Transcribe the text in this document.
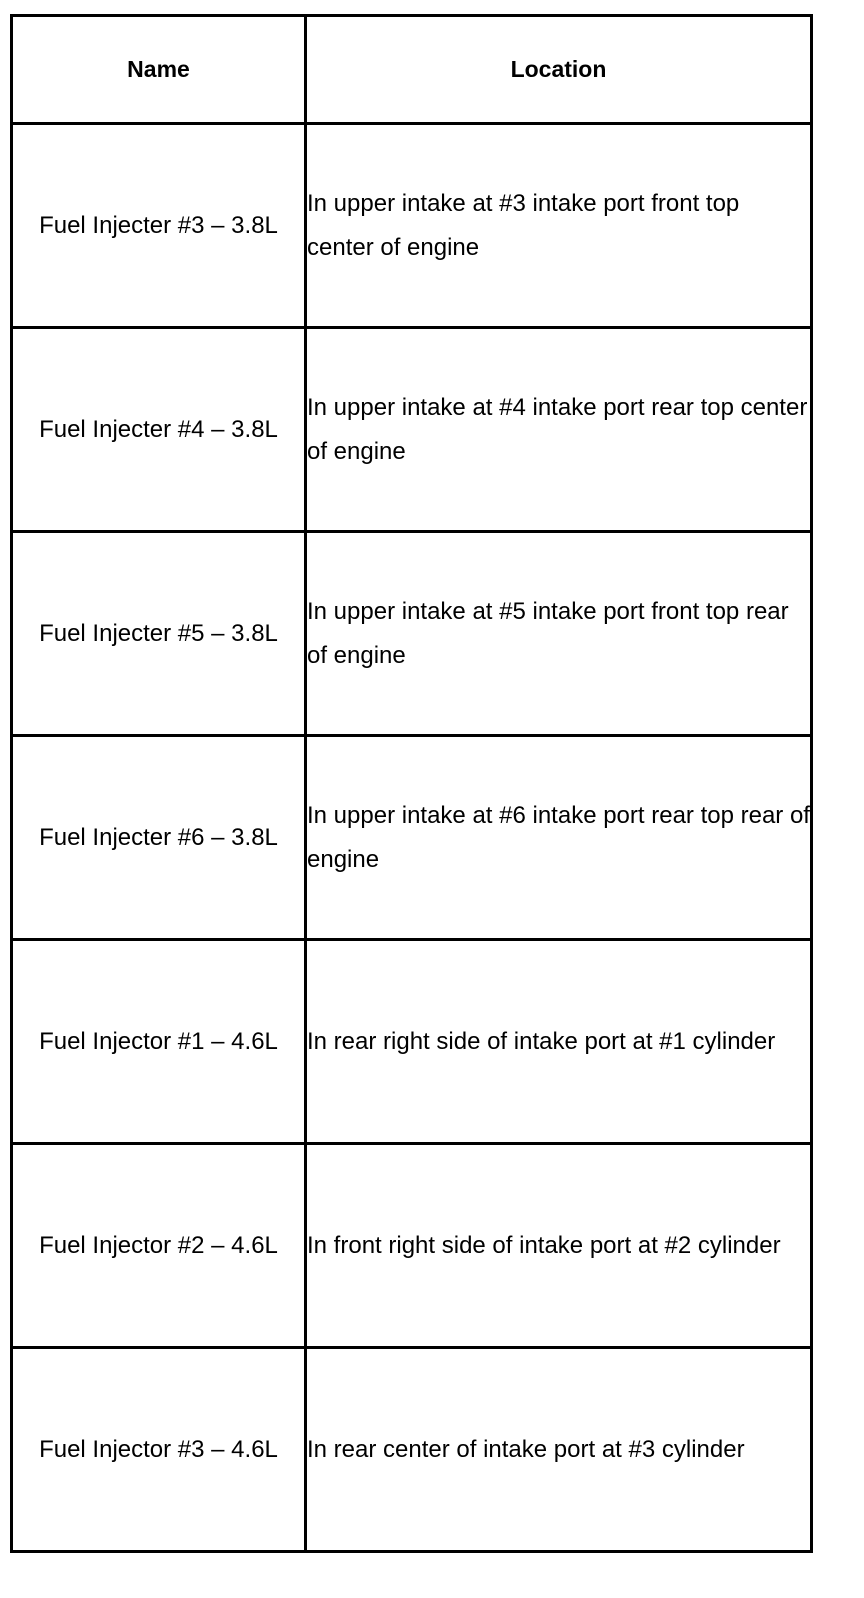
Name	Location
Fuel Injecter #3 – 3.8L	In upper intake at #3 intake port front top center of engine
Fuel Injecter #4 – 3.8L	In upper intake at #4 intake port rear top center of engine
Fuel Injecter #5 – 3.8L	In upper intake at #5 intake port front top rear of engine
Fuel Injecter #6 – 3.8L	In upper intake at #6 intake port rear top rear of engine
Fuel Injector #1 – 4.6L	In rear right side of intake port at #1 cylinder
Fuel Injector #2 – 4.6L	In front right side of intake port at #2 cylinder
Fuel Injector #3 – 4.6L	In rear center of intake port at #3 cylinder
